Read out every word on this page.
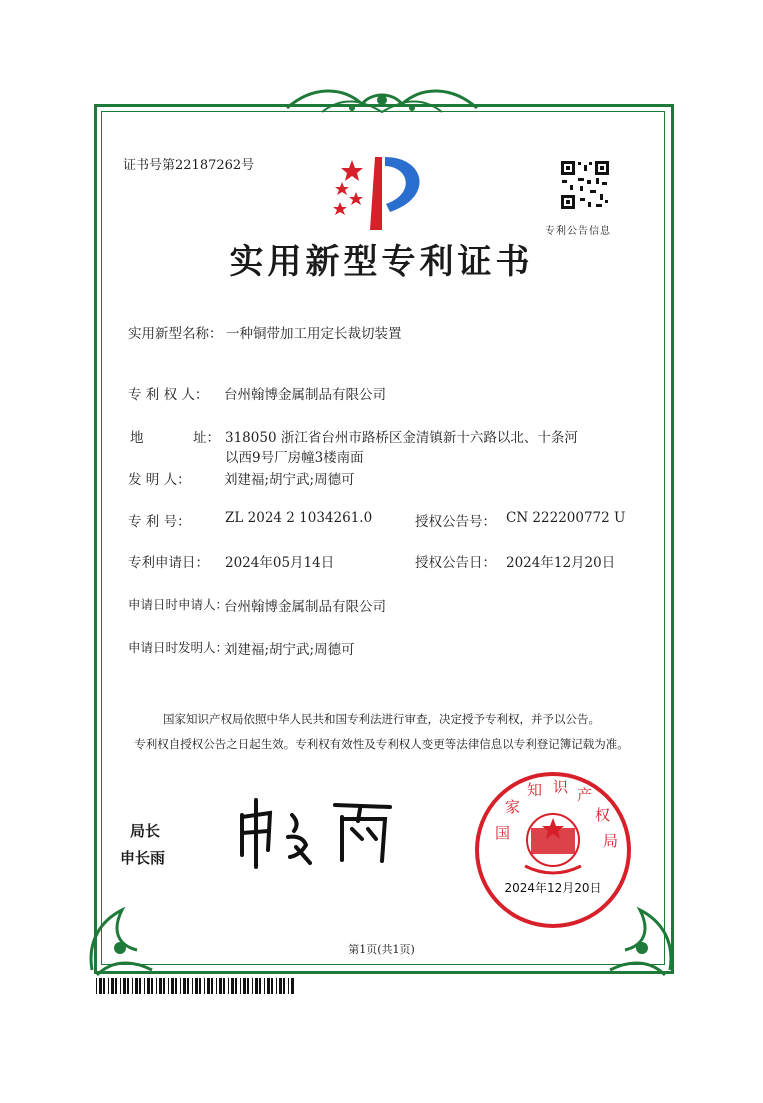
证书号第22187262号
专利公告信息
实用新型专利证书
实用新型名称： 一种铜带加工用定长裁切装置
专 利 权 人： 台州翰博金属制品有限公司
地	址： 318050 浙江省台州市路桥区金清镇新十六路以北、十条河
以西9号厂房幢3楼南面
发 明 人： 刘建福;胡宁武;周德可
专 利 号：	ZL 2024 2 1034261.0	授权公告号： CN 222200772 U
专利申请日： 2024年05月14日	授权公告日： 2024年12月20日
申请日时申请人：
台州翰博金属制品有限公司
申请日时发明人：
刘建福;胡宁武;周德可
国家知识产权局依照中华人民共和国专利法进行审查，决定授予专利权，并予以公告。
专利权自授权公告之日起生效。专利权有效性及专利权人变更等法律信息以专利登记簿记载为准。
局长
申长雨
国
家
知 识 产
权
局
2024年12月20日
第1页(共1页)
